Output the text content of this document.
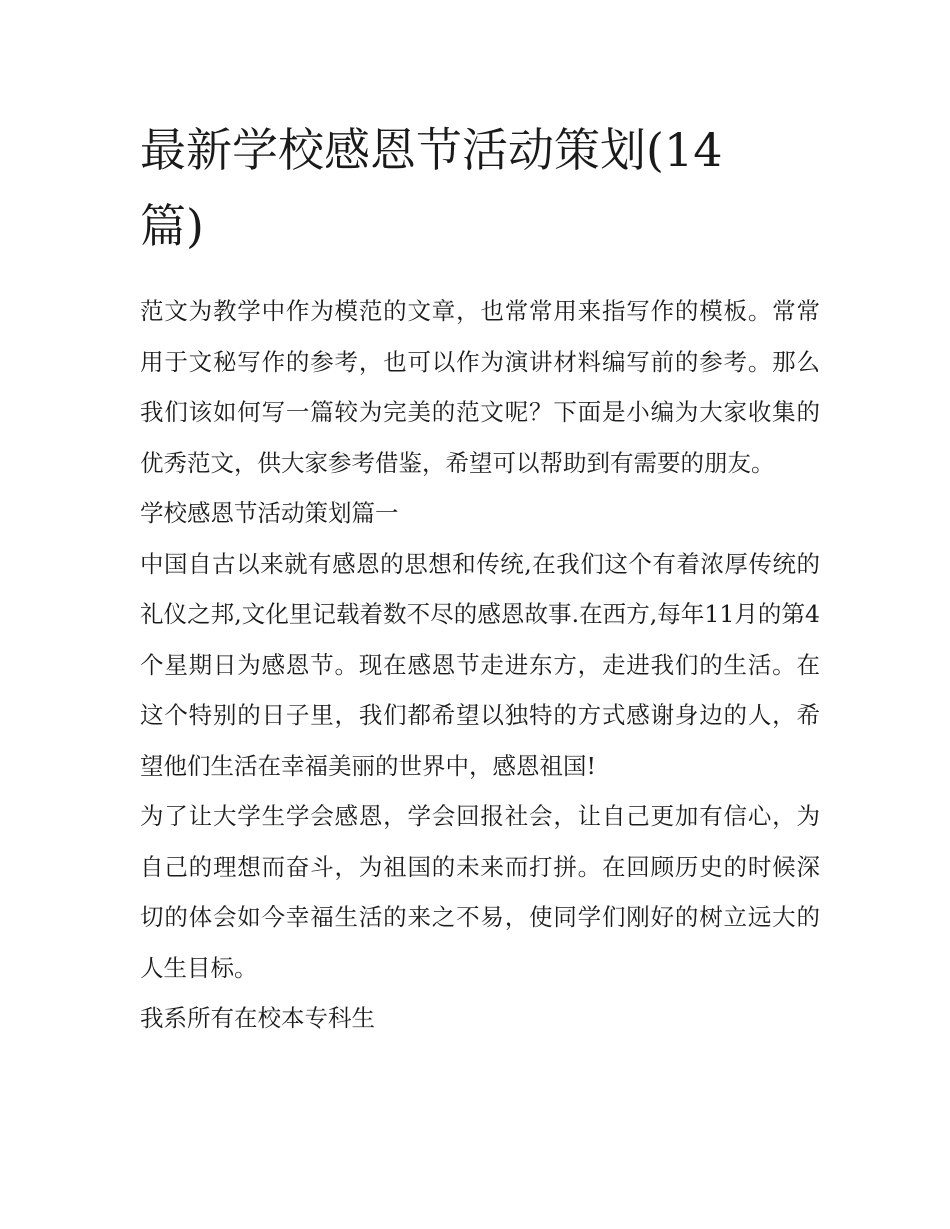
最新学校感恩节活动策划(14
篇)

范文为教学中作为模范的文章，也常常用来指写作的模板。常常用于文秘写作的参考，也可以作为演讲材料编写前的参考。那么我们该如何写一篇较为完美的范文呢？下面是小编为大家收集的优秀范文，供大家参考借鉴，希望可以帮助到有需要的朋友。

学校感恩节活动策划篇一

中国自古以来就有感恩的思想和传统,在我们这个有着浓厚传统的礼仪之邦,文化里记载着数不尽的感恩故事.在西方,每年11月的第4个星期日为感恩节。现在感恩节走进东方，走进我们的生活。在这个特别的日子里，我们都希望以独特的方式感谢身边的人，希望他们生活在幸福美丽的世界中，感恩祖国!

为了让大学生学会感恩，学会回报社会，让自己更加有信心，为自己的理想而奋斗，为祖国的未来而打拼。在回顾历史的时候深切的体会如今幸福生活的来之不易，使同学们刚好的树立远大的人生目标。

我系所有在校本专科生
